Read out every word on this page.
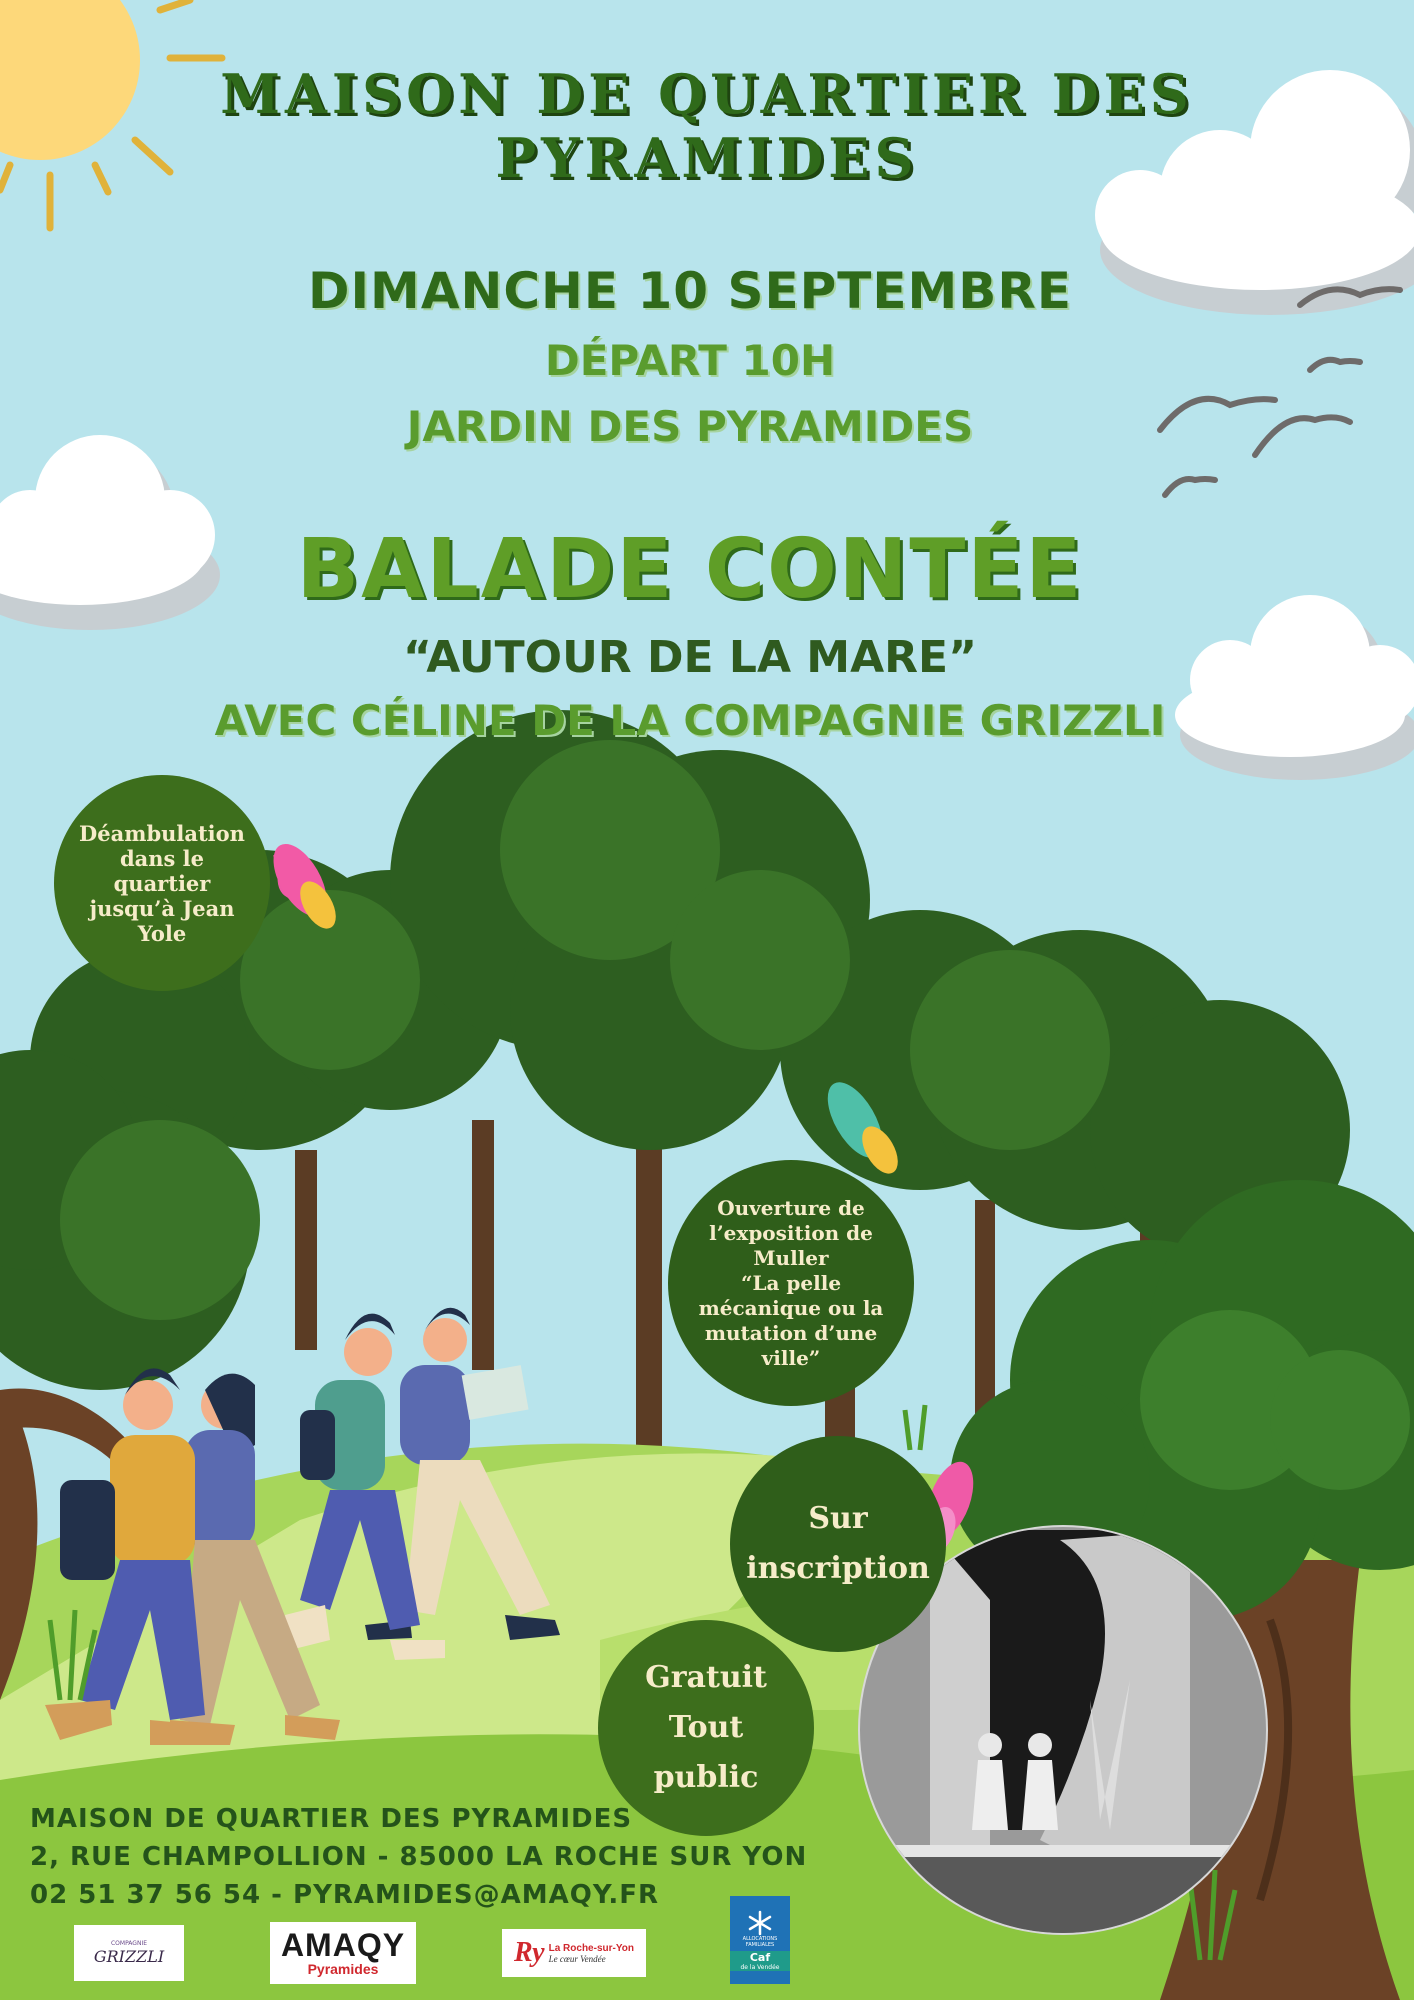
MAISON DE QUARTIER DES PYRAMIDES
DIMANCHE 10 SEPTEMBRE
DÉPART 10H
JARDIN DES PYRAMIDES
BALADE CONTÉE
“AUTOUR DE LA MARE”
AVEC CÉLINE DE LA COMPAGNIE GRIZZLI
Déambulation
dans le
quartier
jusqu’à Jean
Yole
Ouverture de
l’exposition de
Muller
“La pelle
mécanique ou la
mutation d’une
ville”
Sur
inscription
Gratuit
Tout
public
MAISON DE QUARTIER DES PYRAMIDES
2, RUE CHAMPOLLION - 85000 LA ROCHE SUR YON
02 51 37 56 54 - PYRAMIDES@AMAQY.FR
COMPAGNIE
GRIZZLI	AMAQY
Pyramides
Ry La Roche-sur-Yon
Le cœur Vendée
ALLOCATIONS FAMILIALES
Caf
de la Vendée
